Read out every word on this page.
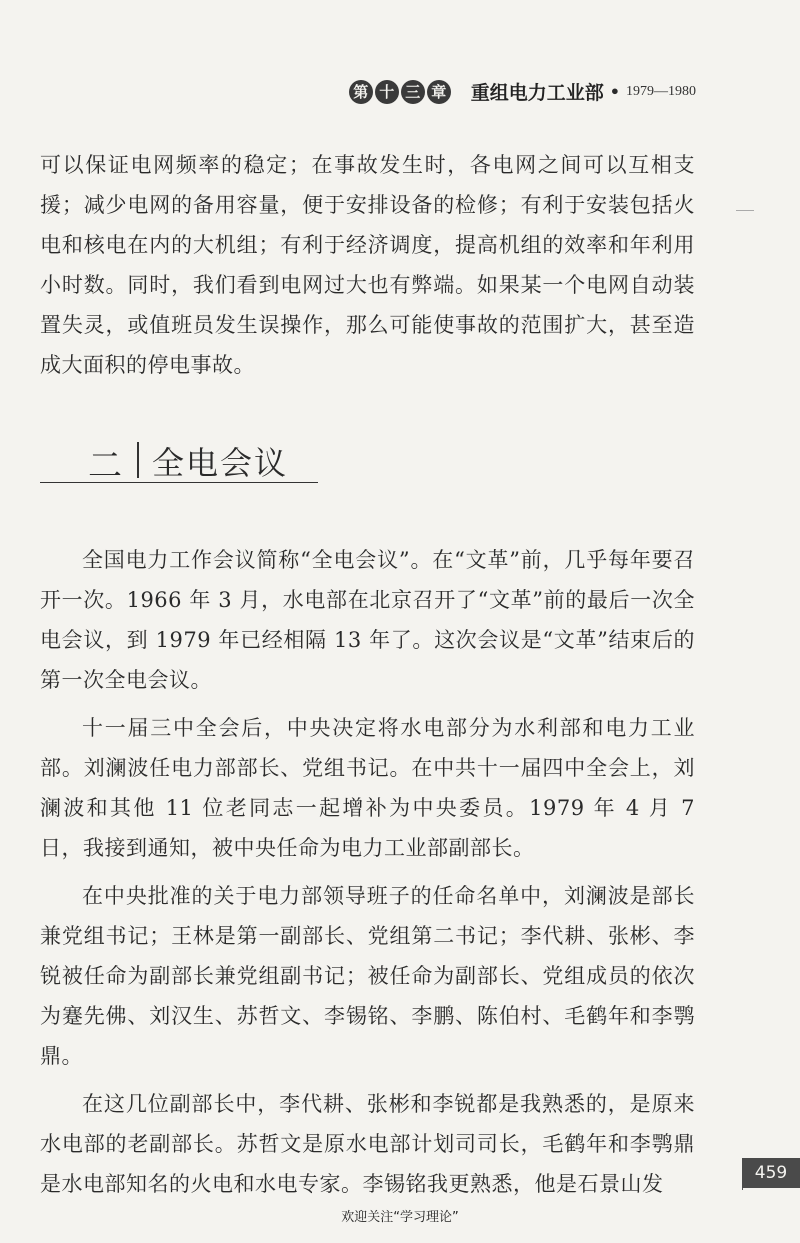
第 十 三 章 重组电力工业部 • 1979—1980

可以保证电网频率的稳定；在事故发生时，各电网之间可以互相支援；减少电网的备用容量，便于安排设备的检修；有利于安装包括火电和核电在内的大机组；有利于经济调度，提高机组的效率和年利用小时数。同时，我们看到电网过大也有弊端。如果某一个电网自动装置失灵，或值班员发生误操作，那么可能使事故的范围扩大，甚至造成大面积的停电事故。

二 全电会议

全国电力工作会议简称“全电会议”。在“文革”前，几乎每年要召开一次。1966 年 3 月，水电部在北京召开了“文革”前的最后一次全电会议，到 1979 年已经相隔 13 年了。这次会议是“文革”结束后的第一次全电会议。

十一届三中全会后，中央决定将水电部分为水利部和电力工业部。刘澜波任电力部部长、党组书记。在中共十一届四中全会上，刘澜波和其他 11 位老同志一起增补为中央委员。1979 年 4 月 7 日，我接到通知，被中央任命为电力工业部副部长。

在中央批准的关于电力部领导班子的任命名单中，刘澜波是部长兼党组书记；王林是第一副部长、党组第二书记；李代耕、张彬、李锐被任命为副部长兼党组副书记；被任命为副部长、党组成员的依次为蹇先佛、刘汉生、苏哲文、李锡铭、李鹏、陈伯村、毛鹤年和李鹗鼎。

在这几位副部长中，李代耕、张彬和李锐都是我熟悉的，是原来水电部的老副部长。苏哲文是原水电部计划司司长，毛鹤年和李鹗鼎是水电部知名的火电和水电专家。李锡铭我更熟悉，他是石景山发	459
欢迎关注“学习理论”
